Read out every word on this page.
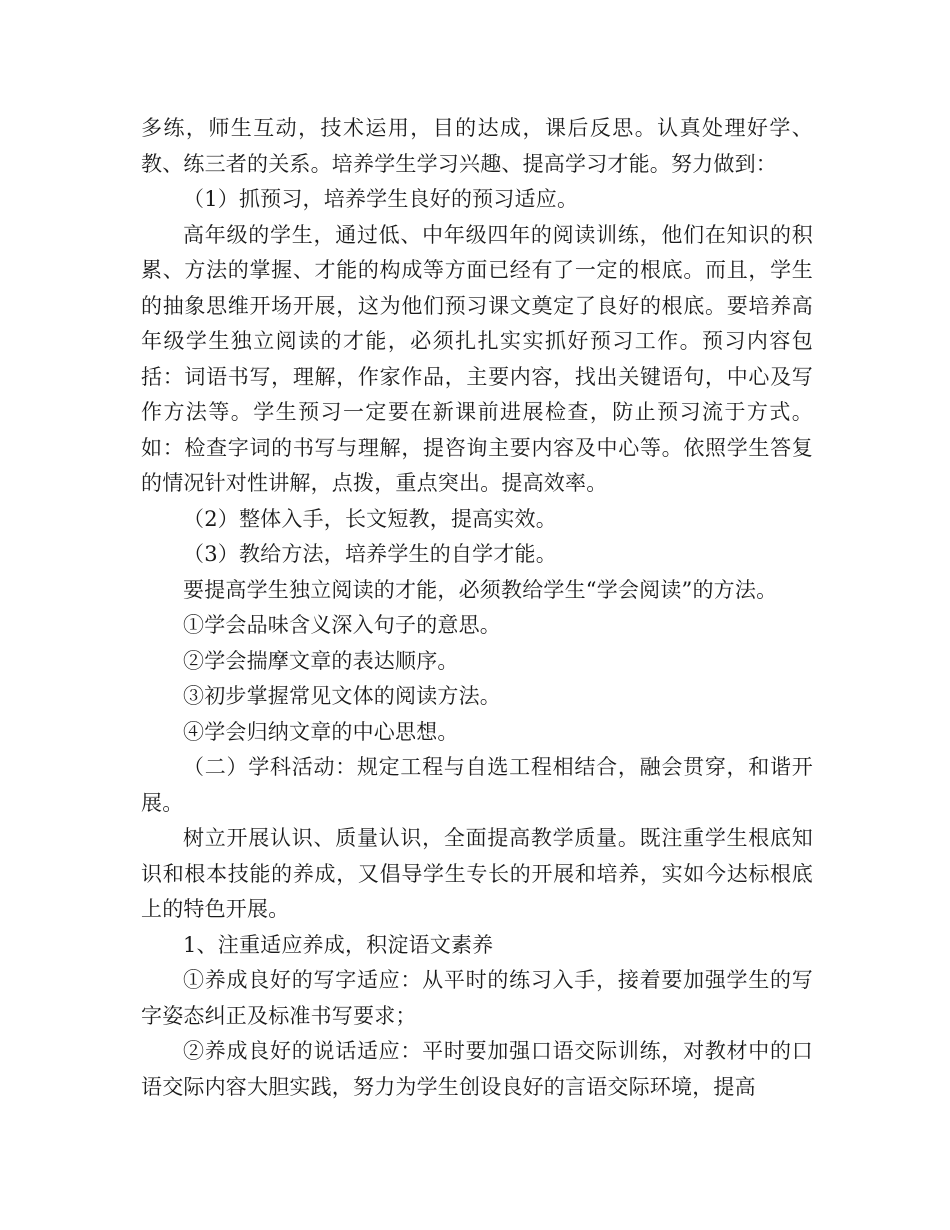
多练，师生互动，技术运用，目的达成，课后反思。认真处理好学、教、练三者的关系。培养学生学习兴趣、提高学习才能。努力做到：

（1）抓预习，培养学生良好的预习适应。

高年级的学生，通过低、中年级四年的阅读训练，他们在知识的积累、方法的掌握、才能的构成等方面已经有了一定的根底。而且，学生的抽象思维开场开展，这为他们预习课文奠定了良好的根底。要培养高年级学生独立阅读的才能，必须扎扎实实抓好预习工作。预习内容包括：词语书写，理解，作家作品，主要内容，找出关键语句，中心及写作方法等。学生预习一定要在新课前进展检查，防止预习流于方式。如：检查字词的书写与理解，提咨询主要内容及中心等。依照学生答复的情况针对性讲解，点拨，重点突出。提高效率。

（2）整体入手，长文短教，提高实效。

（3）教给方法，培养学生的自学才能。

要提高学生独立阅读的才能，必须教给学生“学会阅读”的方法。

①学会品味含义深入句子的意思。

②学会揣摩文章的表达顺序。

③初步掌握常见文体的阅读方法。

④学会归纳文章的中心思想。

（二）学科活动：规定工程与自选工程相结合，融会贯穿，和谐开展。

树立开展认识、质量认识，全面提高教学质量。既注重学生根底知识和根本技能的养成，又倡导学生专长的开展和培养，实如今达标根底上的特色开展。

1、注重适应养成，积淀语文素养

①养成良好的写字适应：从平时的练习入手，接着要加强学生的写字姿态纠正及标准书写要求；

②养成良好的说话适应：平时要加强口语交际训练，对教材中的口语交际内容大胆实践，努力为学生创设良好的言语交际环境，提高
